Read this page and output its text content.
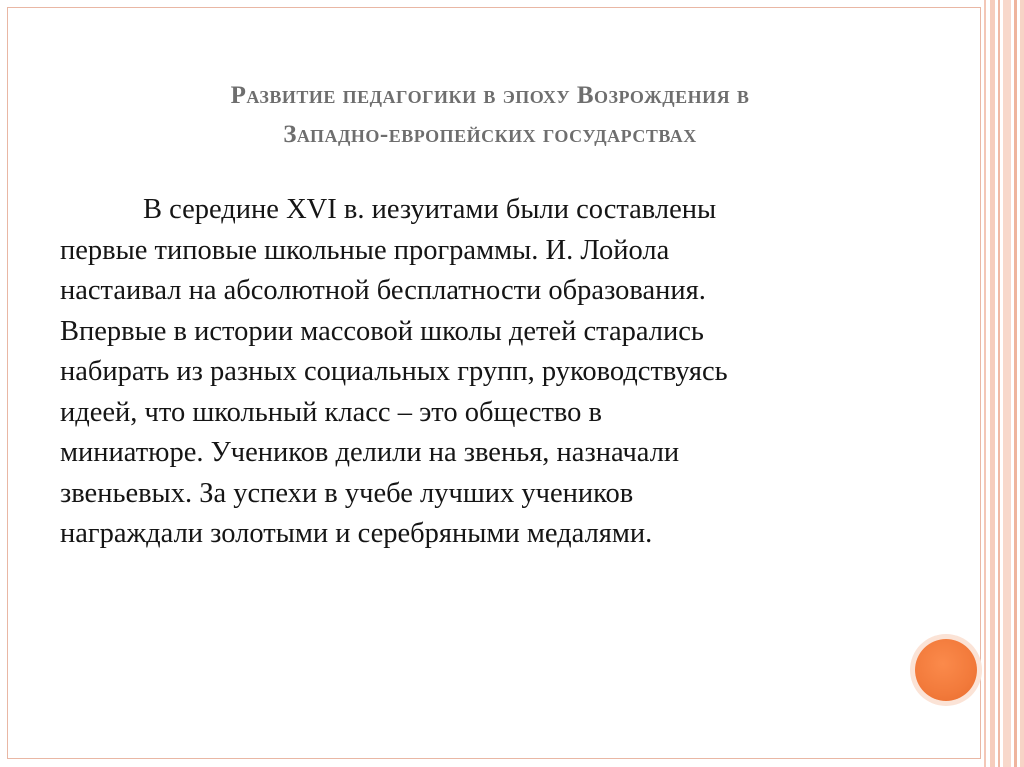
Развитие педагогики в эпоху Возрождения в
Западно-европейских государствах
В середине XVI в. иезуитами были составлены
первые типовые школьные программы. И. Лойола
настаивал на абсолютной бесплатности образования.
Впервые в истории массовой школы детей старались
набирать из разных социальных групп, руководствуясь
идеей, что школьный класс – это общество в
миниатюре. Учеников делили на звенья, назначали
звеньевых. За успехи в учебе лучших учеников
награждали золотыми и серебряными медалями.
